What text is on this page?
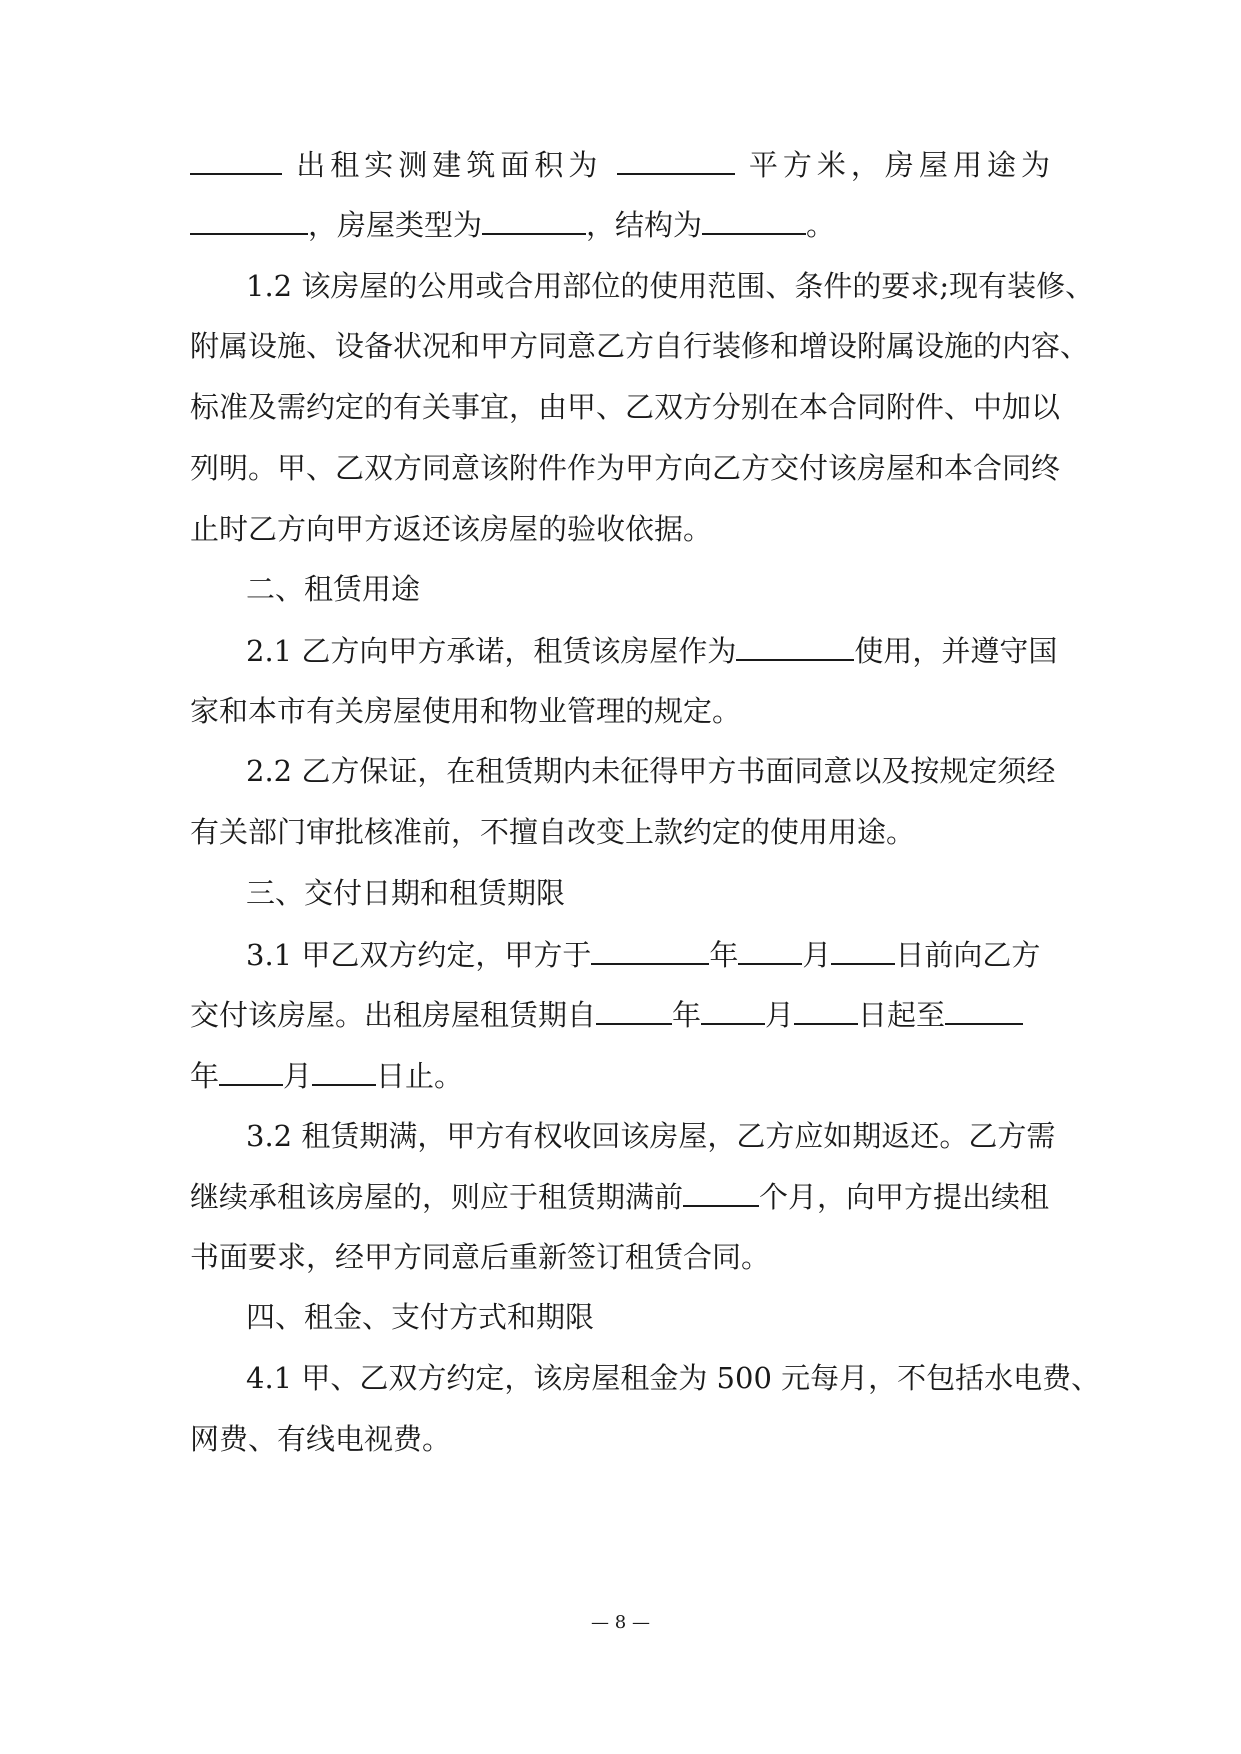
出租实测建筑面积为	平方米，房屋用途为
，房屋类型为	，结构为	。
1.2 该房屋的公用或合用部位的使用范围、条件的要求;现有装修、
附属设施、设备状况和甲方同意乙方自行装修和增设附属设施的内容、
标准及需约定的有关事宜，由甲、乙双方分别在本合同附件、中加以
列明。甲、乙双方同意该附件作为甲方向乙方交付该房屋和本合同终
止时乙方向甲方返还该房屋的验收依据。
二、租赁用途
2.1 乙方向甲方承诺，租赁该房屋作为	使用，并遵守国
家和本市有关房屋使用和物业管理的规定。
2.2 乙方保证，在租赁期内未征得甲方书面同意以及按规定须经
有关部门审批核准前，不擅自改变上款约定的使用用途。
三、交付日期和租赁期限
3.1 甲乙双方约定，甲方于	年 月 日前向乙方
交付该房屋。出租房屋租赁期自	年 月 日起至
年 月 日止。
3.2 租赁期满，甲方有权收回该房屋，乙方应如期返还。乙方需
继续承租该房屋的，则应于租赁期满前	个月，向甲方提出续租
书面要求，经甲方同意后重新签订租赁合同。
四、租金、支付方式和期限
4.1 甲、乙双方约定，该房屋租金为 500 元每月，不包括水电费、
网费、有线电视费。
— 8 —
